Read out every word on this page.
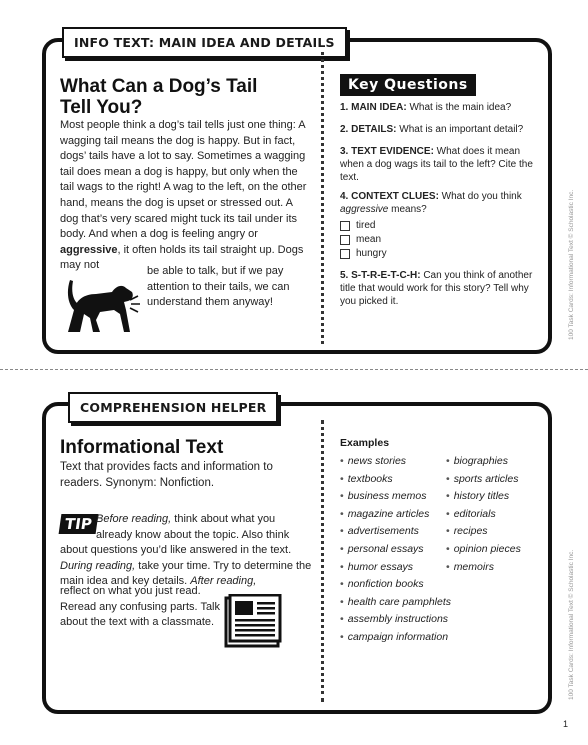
INFO TEXT: MAIN IDEA AND DETAILS
What Can a Dog’s Tail Tell You?
Most people think a dog’s tail tells just one thing: A wagging tail means the dog is happy. But in fact, dogs’ tails have a lot to say. Sometimes a wagging tail does mean a dog is happy, but only when the tail wags to the right! A wag to the left, on the other hand, means the dog is upset or stressed out. A dog that’s very scared might tuck its tail under its body. And when a dog is feeling angry or aggressive, it often holds its tail straight up. Dogs may not	be able to talk, but if we pay attention to their tails, we can understand them anyway!
Key Questions
1. MAIN IDEA: What is the main idea?
2. DETAILS: What is an important detail?
3. TEXT EVIDENCE: What does it mean when a dog wags its tail to the left? Cite the text.
4. CONTEXT CLUES: What do you think aggressive means?
tired
mean
hungry
5. S-T-R-E-T-C-H: Can you think of another title that would work for this story? Tell why you picked it.	100 Task Cards: Informational Text © Scholastic Inc.
COMPREHENSION HELPER
Informational Text
Text that provides facts and information to readers. Synonym: Nonfiction.
TIP Before reading, think about what you already know about the topic. Also think
about questions you’d like answered in the text. During reading, take your time. Try to determine the main idea and key details. After reading,
reflect on what you just read. Reread any confusing parts. Talk about the text with a classmate.
Examples
• news stories
• textbooks
• business memos
• magazine articles
• advertisements
• personal essays
• humor essays
• nonfiction books
• health care pamphlets
• assembly instructions
• campaign information
• biographies
• sports articles
• history titles
• editorials
• recipes
• opinion pieces
• memoirs	100 Task Cards: Informational Text © Scholastic Inc.
1
